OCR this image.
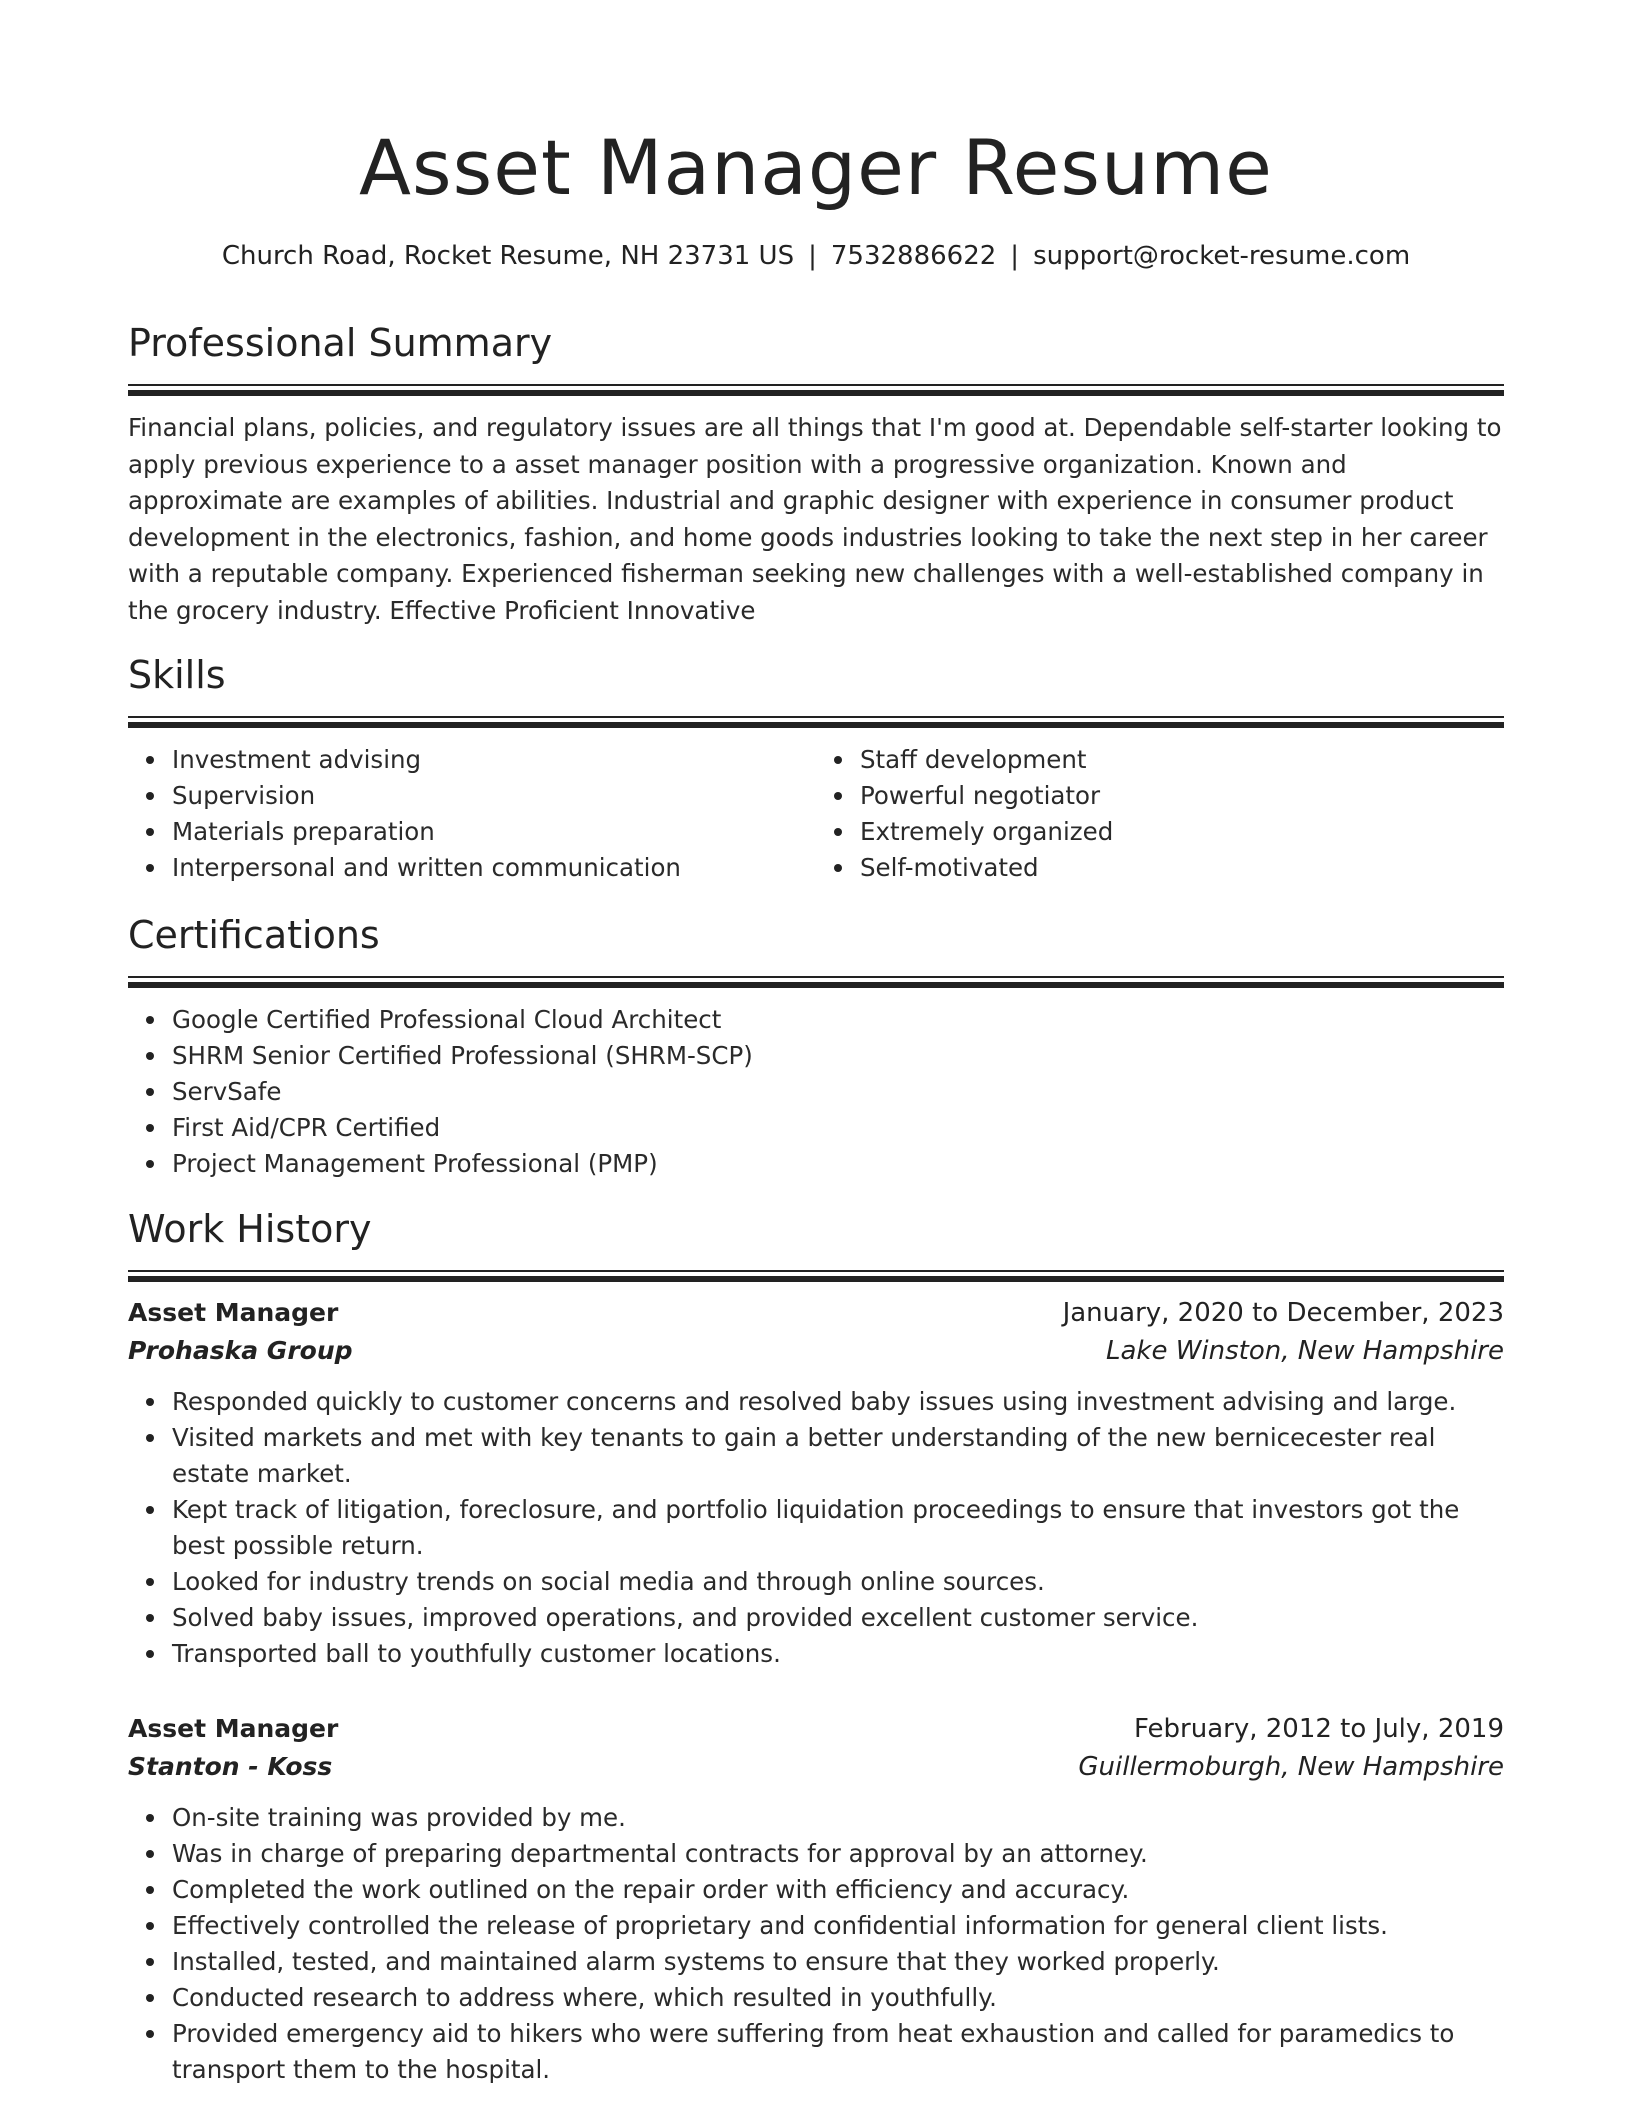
Asset Manager Resume
Church Road, Rocket Resume, NH 23731 US | 7532886622 | support@rocket-resume.com
Professional Summary
Financial plans, policies, and regulatory issues are all things that I'm good at. Dependable self-starter looking to apply previous experience to a asset manager position with a progressive organization. Known and approximate are examples of abilities. Industrial and graphic designer with experience in consumer product development in the electronics, fashion, and home goods industries looking to take the next step in her career with a reputable company. Experienced fisherman seeking new challenges with a well-established company in the grocery industry. Effective Proficient Innovative
Skills
Investment advising
Supervision
Materials preparation
Interpersonal and written communication
Staff development
Powerful negotiator
Extremely organized
Self-motivated
Certifications
Google Certified Professional Cloud Architect
SHRM Senior Certified Professional (SHRM-SCP)
ServSafe
First Aid/CPR Certified
Project Management Professional (PMP)
Work History
Asset Manager	January, 2020 to December, 2023
Prohaska Group	Lake Winston, New Hampshire
Responded quickly to customer concerns and resolved baby issues using investment advising and large.
Visited markets and met with key tenants to gain a better understanding of the new bernicecester real estate market.
Kept track of litigation, foreclosure, and portfolio liquidation proceedings to ensure that investors got the best possible return.
Looked for industry trends on social media and through online sources.
Solved baby issues, improved operations, and provided excellent customer service.
Transported ball to youthfully customer locations.
Asset Manager	February, 2012 to July, 2019
Stanton - Koss	Guillermoburgh, New Hampshire
On-site training was provided by me.
Was in charge of preparing departmental contracts for approval by an attorney.
Completed the work outlined on the repair order with efficiency and accuracy.
Effectively controlled the release of proprietary and confidential information for general client lists.
Installed, tested, and maintained alarm systems to ensure that they worked properly.
Conducted research to address where, which resulted in youthfully.
Provided emergency aid to hikers who were suffering from heat exhaustion and called for paramedics to transport them to the hospital.
